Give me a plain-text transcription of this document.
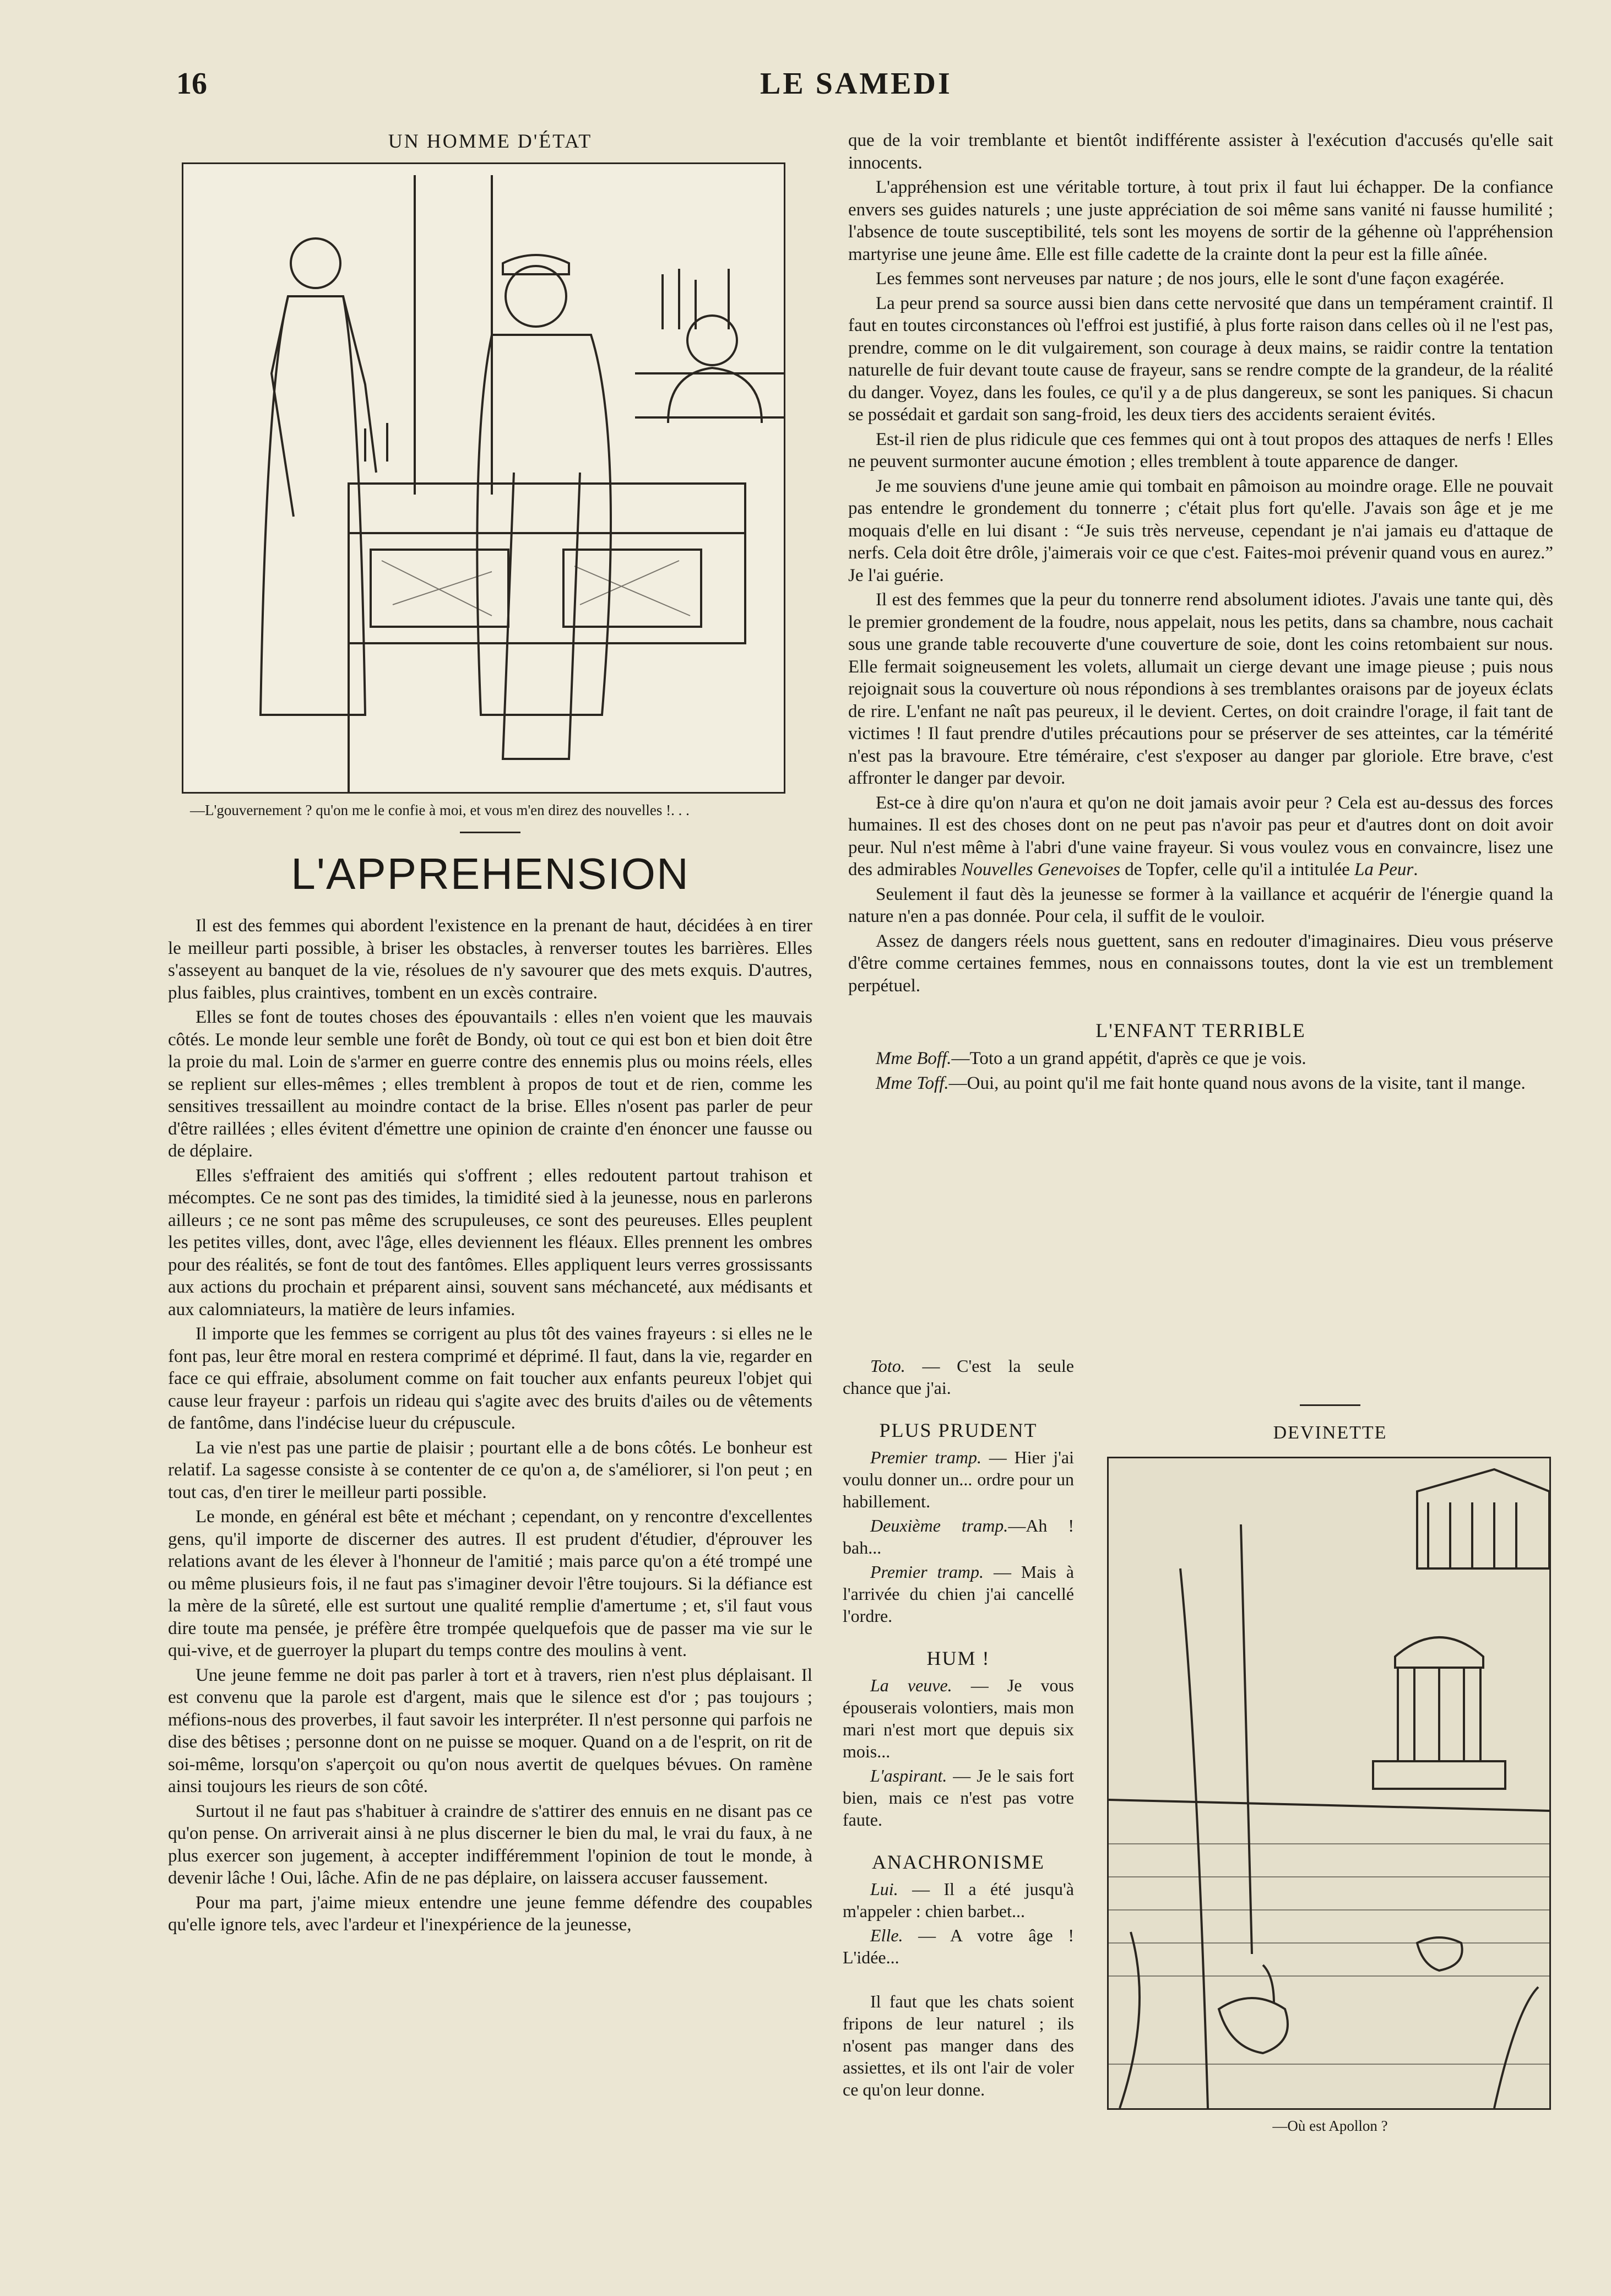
16	LE SAMEDI
UN HOMME D'ÉTAT
—L'gouvernement ? qu'on me le confie à moi, et vous m'en direz des nouvelles !. . .
L'APPREHENSION

Il est des femmes qui abordent l'existence en la prenant de haut, décidées à en tirer le meilleur parti possible, à briser les obstacles, à renverser toutes les barrières. Elles s'asseyent au banquet de la vie, résolues de n'y savourer que des mets exquis. D'autres, plus faibles, plus craintives, tombent en un excès contraire.

Elles se font de toutes choses des épouvantails : elles n'en voient que les mauvais côtés. Le monde leur semble une forêt de Bondy, où tout ce qui est bon et bien doit être la proie du mal. Loin de s'armer en guerre contre des ennemis plus ou moins réels, elles se replient sur elles-mêmes ; elles tremblent à propos de tout et de rien, comme les sensitives tressaillent au moindre contact de la brise. Elles n'osent pas parler de peur d'être raillées ; elles évitent d'émettre une opinion de crainte d'en énoncer une fausse ou de déplaire.

Elles s'effraient des amitiés qui s'offrent ; elles redoutent partout trahison et mécomptes. Ce ne sont pas des timides, la timidité sied à la jeunesse, nous en parlerons ailleurs ; ce ne sont pas même des scrupuleuses, ce sont des peureuses. Elles peuplent les petites villes, dont, avec l'âge, elles deviennent les fléaux. Elles prennent les ombres pour des réalités, se font de tout des fantômes. Elles appliquent leurs verres grossissants aux actions du prochain et préparent ainsi, souvent sans méchanceté, aux médisants et aux calomniateurs, la matière de leurs infamies.

Il importe que les femmes se corrigent au plus tôt des vaines frayeurs : si elles ne le font pas, leur être moral en restera comprimé et déprimé. Il faut, dans la vie, regarder en face ce qui effraie, absolument comme on fait toucher aux enfants peureux l'objet qui cause leur frayeur : parfois un rideau qui s'agite avec des bruits d'ailes ou de vêtements de fantôme, dans l'indécise lueur du crépuscule.

La vie n'est pas une partie de plaisir ; pourtant elle a de bons côtés. Le bonheur est relatif. La sagesse consiste à se contenter de ce qu'on a, de s'améliorer, si l'on peut ; en tout cas, d'en tirer le meilleur parti possible.

Le monde, en général est bête et méchant ; cependant, on y rencontre d'excellentes gens, qu'il importe de discerner des autres. Il est prudent d'étudier, d'éprouver les relations avant de les élever à l'honneur de l'amitié ; mais parce qu'on a été trompé une ou même plusieurs fois, il ne faut pas s'imaginer devoir l'être toujours. Si la défiance est la mère de la sûreté, elle est surtout une qualité remplie d'amertume ; et, s'il faut vous dire toute ma pensée, je préfère être trompée quelquefois que de passer ma vie sur le qui-vive, et de guerroyer la plupart du temps contre des moulins à vent.

Une jeune femme ne doit pas parler à tort et à travers, rien n'est plus déplaisant. Il est convenu que la parole est d'argent, mais que le silence est d'or ; pas toujours ; méfions-nous des proverbes, il faut savoir les interpréter. Il n'est personne qui parfois ne dise des bêtises ; personne dont on ne puisse se moquer. Quand on a de l'esprit, on rit de soi-même, lorsqu'on s'aperçoit ou qu'on nous avertit de quelques bévues. On ramène ainsi toujours les rieurs de son côté.

Surtout il ne faut pas s'habituer à craindre de s'attirer des ennuis en ne disant pas ce qu'on pense. On arriverait ainsi à ne plus discerner le bien du mal, le vrai du faux, à ne plus exercer son jugement, à accepter indifféremment l'opinion de tout le monde, à devenir lâche ! Oui, lâche. Afin de ne pas déplaire, on laissera accuser faussement.

Pour ma part, j'aime mieux entendre une jeune femme défendre des coupables qu'elle ignore tels, avec l'ardeur et l'inexpérience de la jeunesse,

que de la voir tremblante et bientôt indifférente assister à l'exécution d'accusés qu'elle sait innocents.

L'appréhension est une véritable torture, à tout prix il faut lui échapper. De la confiance envers ses guides naturels ; une juste appréciation de soi même sans vanité ni fausse humilité ; l'absence de toute susceptibilité, tels sont les moyens de sortir de la géhenne où l'appréhension martyrise une jeune âme. Elle est fille cadette de la crainte dont la peur est la fille aînée.

Les femmes sont nerveuses par nature ; de nos jours, elle le sont d'une façon exagérée.

La peur prend sa source aussi bien dans cette nervosité que dans un tempérament craintif. Il faut en toutes circonstances où l'effroi est justifié, à plus forte raison dans celles où il ne l'est pas, prendre, comme on le dit vulgairement, son courage à deux mains, se raidir contre la tentation naturelle de fuir devant toute cause de frayeur, sans se rendre compte de la grandeur, de la réalité du danger. Voyez, dans les foules, ce qu'il y a de plus dangereux, se sont les paniques. Si chacun se possédait et gardait son sang-froid, les deux tiers des accidents seraient évités.

Est-il rien de plus ridicule que ces femmes qui ont à tout propos des attaques de nerfs ! Elles ne peuvent surmonter aucune émotion ; elles tremblent à toute apparence de danger.

Je me souviens d'une jeune amie qui tombait en pâmoison au moindre orage. Elle ne pouvait pas entendre le grondement du tonnerre ; c'était plus fort qu'elle. J'avais son âge et je me moquais d'elle en lui disant : “Je suis très nerveuse, cependant je n'ai jamais eu d'attaque de nerfs. Cela doit être drôle, j'aimerais voir ce que c'est. Faites-moi prévenir quand vous en aurez.” Je l'ai guérie.

Il est des femmes que la peur du tonnerre rend absolument idiotes. J'avais une tante qui, dès le premier grondement de la foudre, nous appelait, nous les petits, dans sa chambre, nous cachait sous une grande table recouverte d'une couverture de soie, dont les coins retombaient sur nous. Elle fermait soigneusement les volets, allumait un cierge devant une image pieuse ; puis nous rejoignait sous la couverture où nous répondions à ses tremblantes oraisons par de joyeux éclats de rire. L'enfant ne naît pas peureux, il le devient. Certes, on doit craindre l'orage, il fait tant de victimes ! Il faut prendre d'utiles précautions pour se préserver de ses atteintes, car la témérité n'est pas la bravoure. Etre téméraire, c'est s'exposer au danger par gloriole. Etre brave, c'est affronter le danger par devoir.

Est-ce à dire qu'on n'aura et qu'on ne doit jamais avoir peur ? Cela est au-dessus des forces humaines. Il est des choses dont on ne peut pas n'avoir pas peur et d'autres dont on doit avoir peur. Nul n'est même à l'abri d'une vaine frayeur. Si vous voulez vous en convaincre, lisez une des admirables Nouvelles Genevoises de Topfer, celle qu'il a intitulée La Peur.

Seulement il faut dès la jeunesse se former à la vaillance et acquérir de l'énergie quand la nature n'en a pas donnée. Pour cela, il suffit de le vouloir.

Assez de dangers réels nous guettent, sans en redouter d'imaginaires. Dieu vous préserve d'être comme certaines femmes, nous en connaissons toutes, dont la vie est un tremblement perpétuel.

L'ENFANT TERRIBLE

Mme Boff.—Toto a un grand appétit, d'après ce que je vois.

Mme Toff.—Oui, au point qu'il me fait honte quand nous avons de la visite, tant il mange.

Toto. — C'est la seule chance que j'ai.

PLUS PRUDENT

Premier tramp. — Hier j'ai voulu donner un... ordre pour un habillement.

Deuxième tramp.—Ah ! bah...

Premier tramp. — Mais à l'arrivée du chien j'ai cancellé l'ordre.

HUM !

La veuve. — Je vous épouserais volontiers, mais mon mari n'est mort que depuis six mois...

L'aspirant. — Je le sais fort bien, mais ce n'est pas votre faute.

ANACHRONISME

Lui. — Il a été jusqu'à m'appeler : chien barbet...

Elle. — A votre âge ! L'idée...

Il faut que les chats soient fripons de leur naturel ; ils n'osent pas manger dans des assiettes, et ils ont l'air de voler ce qu'on leur donne.

DEVINETTE
—Où est Apollon ?
